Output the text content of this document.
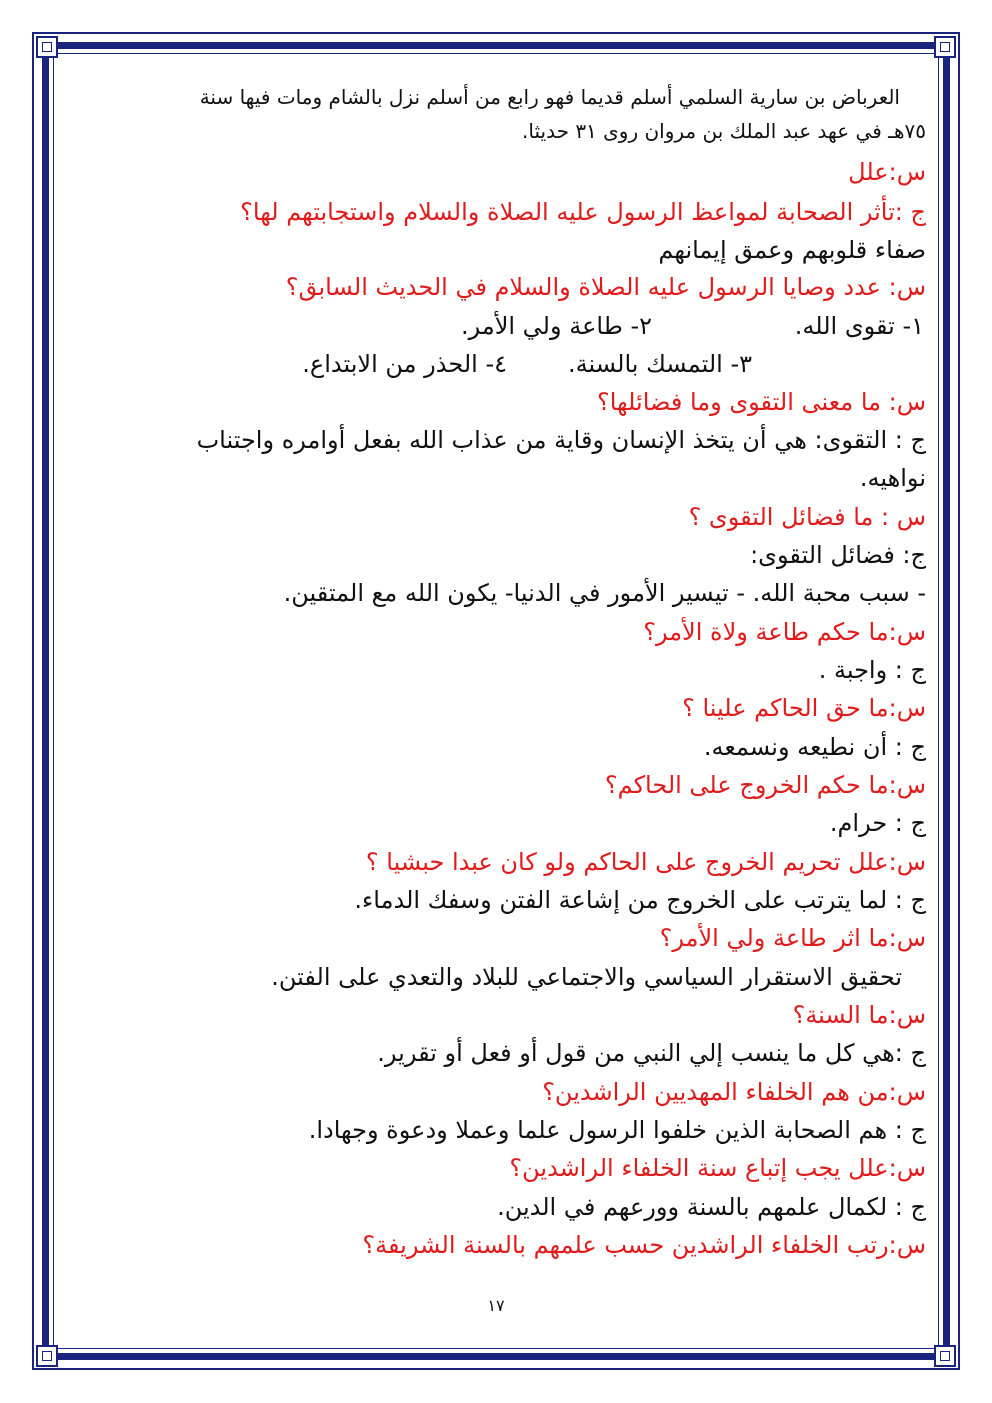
العرباض بن سارية السلمي أسلم قديما فهو رابع من أسلم نزل بالشام ومات فيها سنة
٧٥هـ في عهد عبد الملك بن مروان روى ٣١ حديثا.
س:علل
ج :تأثر الصحابة لمواعظ الرسول عليه الصلاة والسلام واستجابتهم لها؟
صفاء قلوبهم وعمق إيمانهم
س: عدد وصايا الرسول عليه الصلاة والسلام في الحديث السابق؟
١- تقوى الله.
٢- طاعة ولي الأمر.
٣- التمسك بالسنة.
٤- الحذر من الابتداع.
س: ما معنى التقوى وما فضائلها؟
ج : التقوى: هي أن يتخذ الإنسان وقاية من عذاب الله بفعل أوامره واجتناب
نواهيه.
س : ما فضائل التقوى ؟
ج: فضائل التقوى:
- سبب محبة الله. - تيسير الأمور في الدنيا- يكون الله مع المتقين.
س:ما حكم طاعة ولاة الأمر؟
ج : واجبة .
س:ما حق الحاكم علينا ؟
ج : أن نطيعه ونسمعه.
س:ما حكم الخروج على الحاكم؟
ج : حرام.
س:علل تحريم الخروج على الحاكم ولو كان عبدا حبشيا ؟
ج : لما يترتب على الخروج من إشاعة الفتن وسفك الدماء.
س:ما اثر طاعة ولي الأمر؟
تحقيق الاستقرار السياسي والاجتماعي للبلاد والتعدي على الفتن.
س:ما السنة؟
ج :هي كل ما ينسب إلي النبي من قول أو فعل أو تقرير.
س:من هم الخلفاء المهديين الراشدين؟
ج : هم الصحابة الذين خلفوا الرسول علما وعملا ودعوة وجهادا.
س:علل يجب إتباع سنة الخلفاء الراشدين؟
ج : لكمال علمهم بالسنة وورعهم في الدين.
س:رتب الخلفاء الراشدين حسب علمهم بالسنة الشريفة؟
١٧
